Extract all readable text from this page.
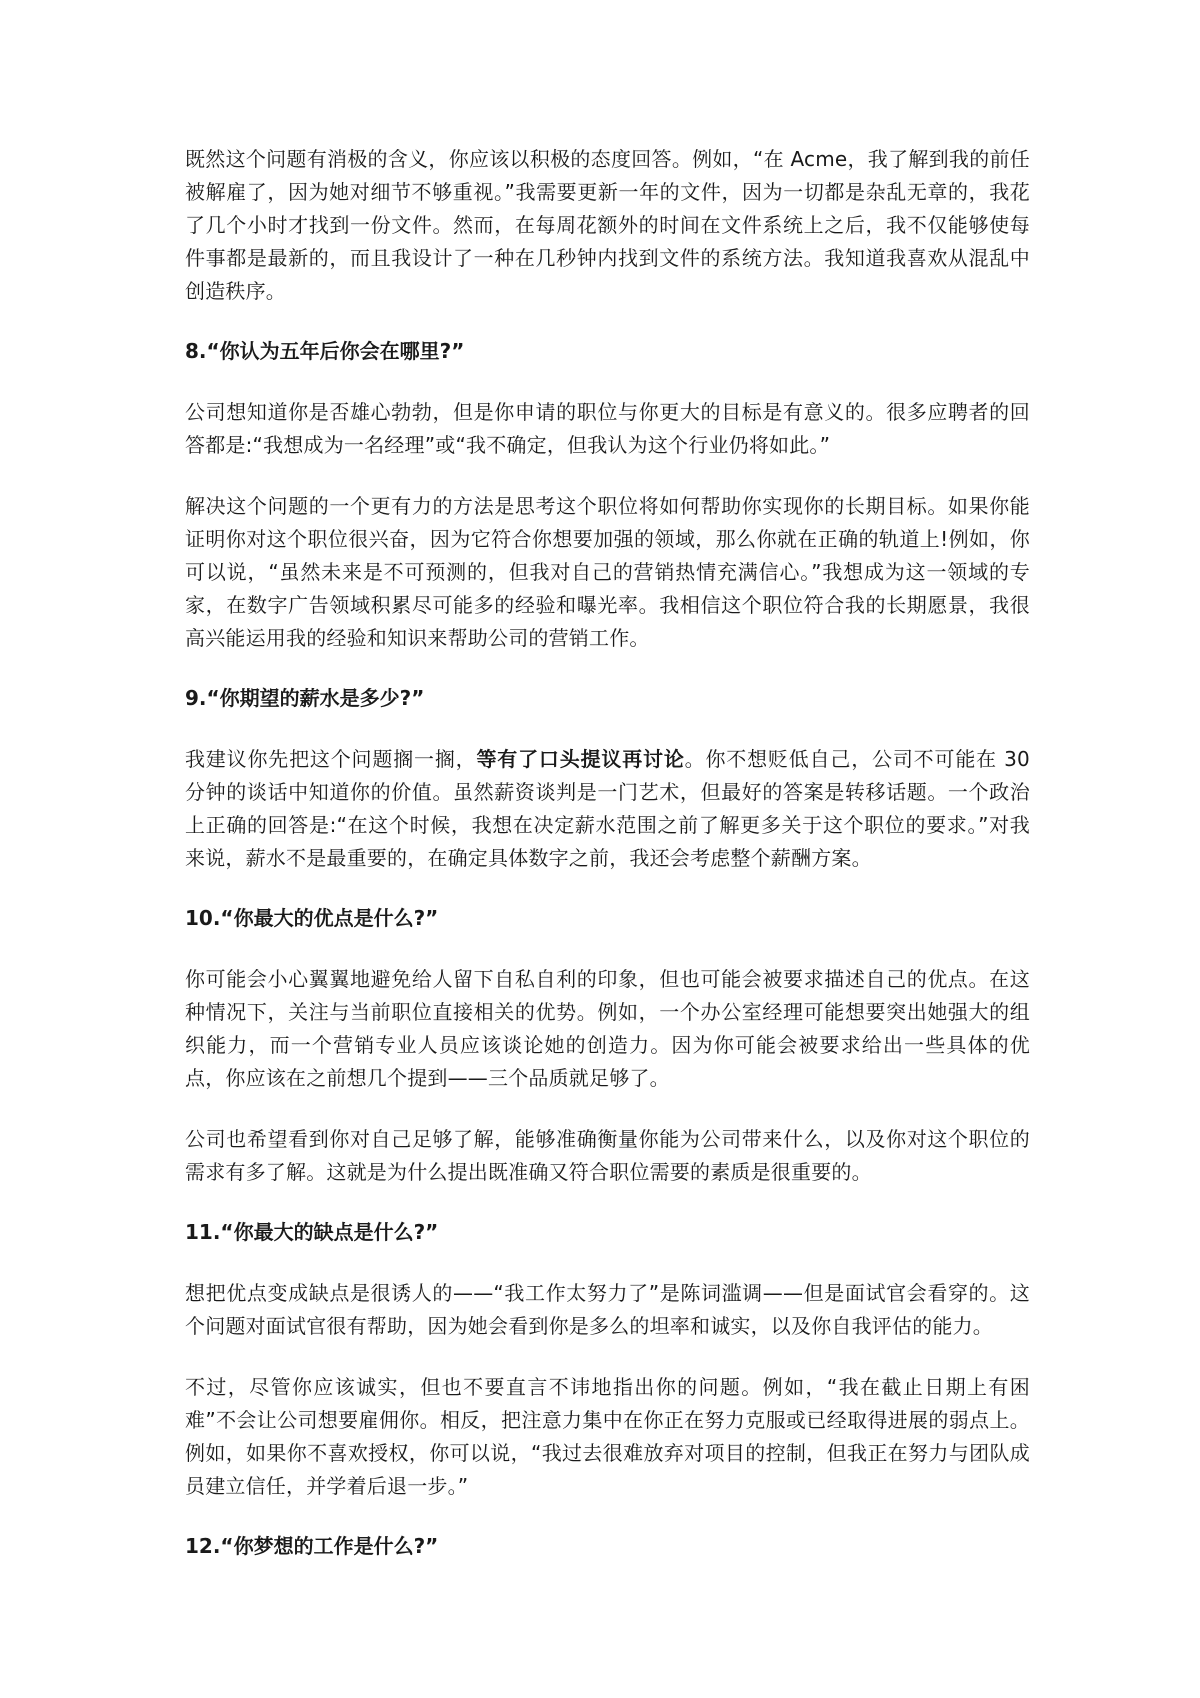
既然这个问题有消极的含义，你应该以积极的态度回答。例如，“在 Acme，我了解到我的前任被解雇了，因为她对细节不够重视。”我需要更新一年的文件，因为一切都是杂乱无章的，我花了几个小时才找到一份文件。然而，在每周花额外的时间在文件系统上之后，我不仅能够使每件事都是最新的，而且我设计了一种在几秒钟内找到文件的系统方法。我知道我喜欢从混乱中创造秩序。

8.“你认为五年后你会在哪里?”

公司想知道你是否雄心勃勃，但是你申请的职位与你更大的目标是有意义的。很多应聘者的回答都是:“我想成为一名经理”或“我不确定，但我认为这个行业仍将如此。”

解决这个问题的一个更有力的方法是思考这个职位将如何帮助你实现你的长期目标。如果你能证明你对这个职位很兴奋，因为它符合你想要加强的领域，那么你就在正确的轨道上!例如，你可以说，“虽然未来是不可预测的，但我对自己的营销热情充满信心。”我想成为这一领域的专家，在数字广告领域积累尽可能多的经验和曝光率。我相信这个职位符合我的长期愿景，我很高兴能运用我的经验和知识来帮助公司的营销工作。

9.“你期望的薪水是多少?”

我建议你先把这个问题搁一搁，等有了口头提议再讨论。你不想贬低自己，公司不可能在 30 分钟的谈话中知道你的价值。虽然薪资谈判是一门艺术，但最好的答案是转移话题。一个政治上正确的回答是:“在这个时候，我想在决定薪水范围之前了解更多关于这个职位的要求。”对我来说，薪水不是最重要的，在确定具体数字之前，我还会考虑整个薪酬方案。

10.“你最大的优点是什么?”

你可能会小心翼翼地避免给人留下自私自利的印象，但也可能会被要求描述自己的优点。在这种情况下，关注与当前职位直接相关的优势。例如，一个办公室经理可能想要突出她强大的组织能力，而一个营销专业人员应该谈论她的创造力。因为你可能会被要求给出一些具体的优点，你应该在之前想几个提到——三个品质就足够了。

公司也希望看到你对自己足够了解，能够准确衡量你能为公司带来什么，以及你对这个职位的需求有多了解。这就是为什么提出既准确又符合职位需要的素质是很重要的。

11.“你最大的缺点是什么?”

想把优点变成缺点是很诱人的——“我工作太努力了”是陈词滥调——但是面试官会看穿的。这个问题对面试官很有帮助，因为她会看到你是多么的坦率和诚实，以及你自我评估的能力。

不过，尽管你应该诚实，但也不要直言不讳地指出你的问题。例如，“我在截止日期上有困难”不会让公司想要雇佣你。相反，把注意力集中在你正在努力克服或已经取得进展的弱点上。例如，如果你不喜欢授权，你可以说，“我过去很难放弃对项目的控制，但我正在努力与团队成员建立信任，并学着后退一步。”

12.“你梦想的工作是什么?”
